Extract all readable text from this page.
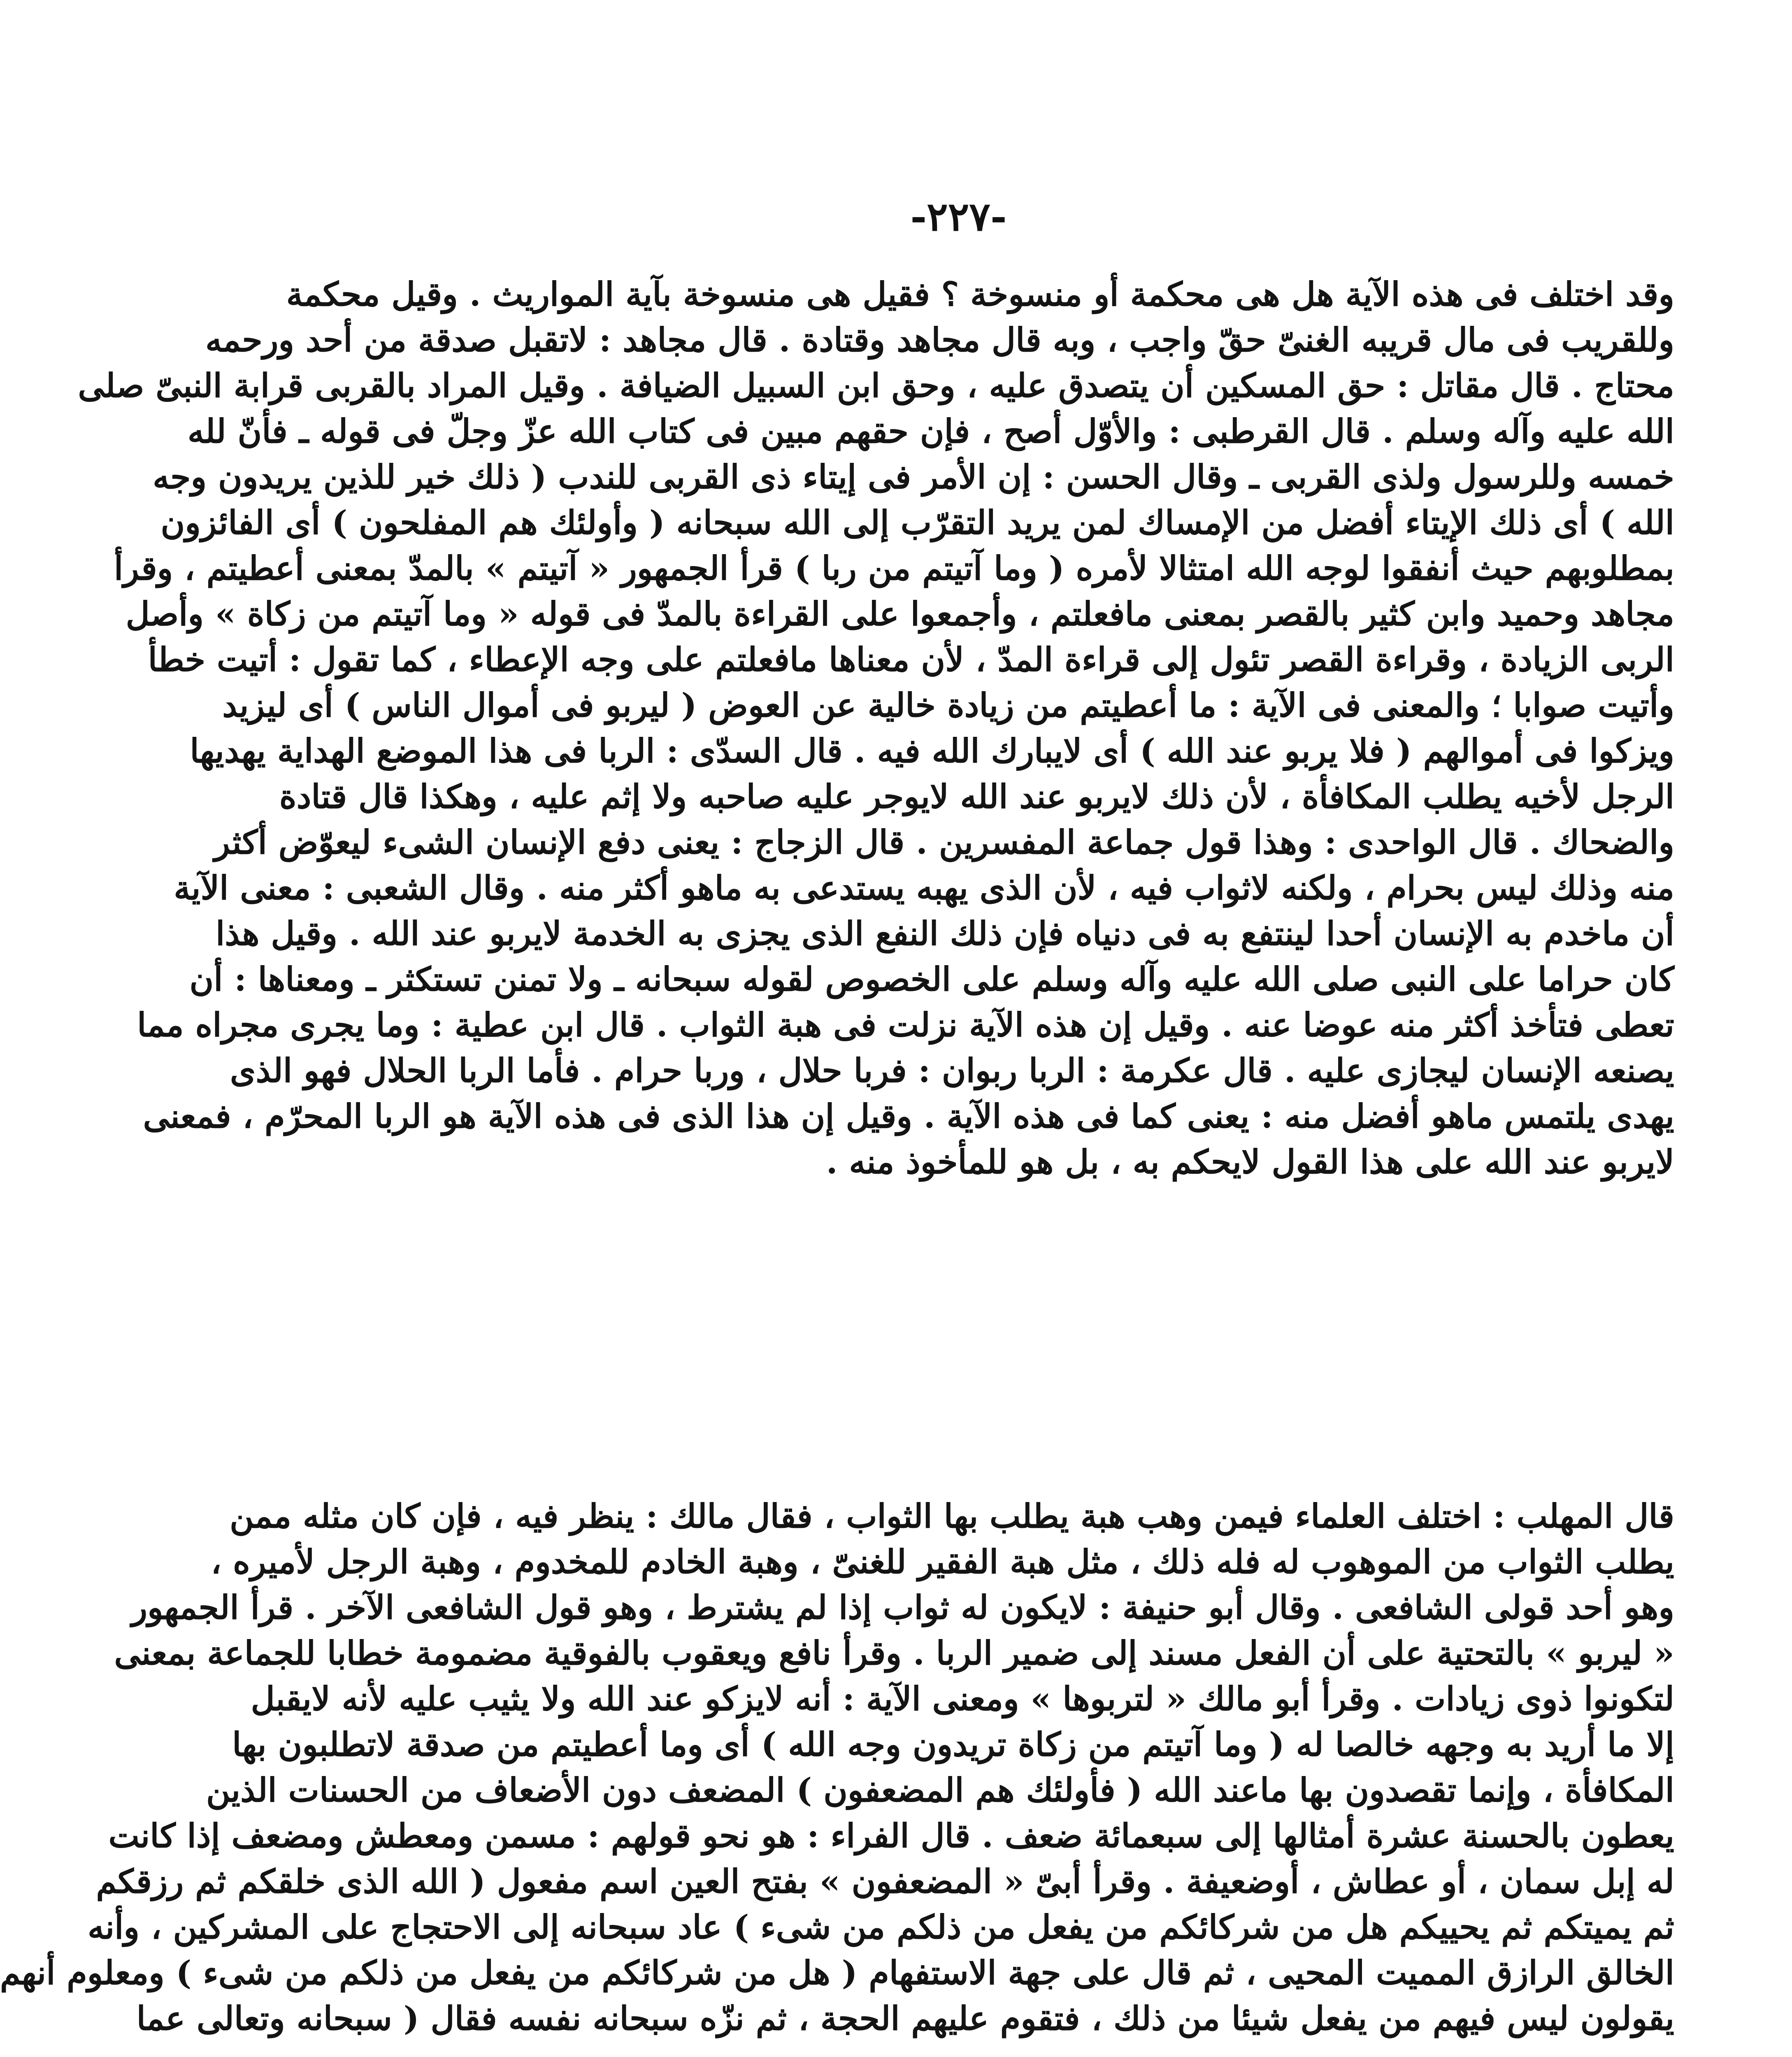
-٢٢٧-
وقد اختلف فى هذه الآية هل هى محكمة أو منسوخة ؟ فقيل هى منسوخة بآية المواريث . وقيل محكمة
وللقريب فى مال قريبه الغنىّ حقّ واجب ، وبه قال مجاهد وقتادة . قال مجاهد : لاتقبل صدقة من أحد ورحمه
محتاج . قال مقاتل : حق المسكين أن يتصدق عليه ، وحق ابن السبيل الضيافة . وقيل المراد بالقربى قرابة النبىّ صلى
الله عليه وآله وسلم . قال القرطبى : والأوّل أصح ، فإن حقهم مبين فى كتاب الله عزّ وجلّ فى قوله ـ فأنّ لله
خمسه وللرسول ولذى القربى ـ وقال الحسن : إن الأمر فى إيتاء ذى القربى للندب ( ذلك خير للذين يريدون وجه
الله ) أى ذلك الإيتاء أفضل من الإمساك لمن يريد التقرّب إلى الله سبحانه ( وأولئك هم المفلحون ) أى الفائزون
بمطلوبهم حيث أنفقوا لوجه الله امتثالا لأمره ( وما آتيتم من ربا ) قرأ الجمهور « آتيتم » بالمدّ بمعنى أعطيتم ، وقرأ
مجاهد وحميد وابن كثير بالقصر بمعنى مافعلتم ، وأجمعوا على القراءة بالمدّ فى قوله « وما آتيتم من زكاة » وأصل
الربى الزيادة ، وقراءة القصر تئول إلى قراءة المدّ ، لأن معناها مافعلتم على وجه الإعطاء ، كما تقول : أتيت خطأ
وأتيت صوابا ؛ والمعنى فى الآية : ما أعطيتم من زيادة خالية عن العوض ( ليربو فى أموال الناس ) أى ليزيد
ويزكوا فى أموالهم ( فلا يربو عند الله ) أى لايبارك الله فيه . قال السدّى : الربا فى هذا الموضع الهداية يهديها
الرجل لأخيه يطلب المكافأة ، لأن ذلك لايربو عند الله لايوجر عليه صاحبه ولا إثم عليه ، وهكذا قال قتادة
والضحاك . قال الواحدى : وهذا قول جماعة المفسرين . قال الزجاج : يعنى دفع الإنسان الشىء ليعوّض أكثر
منه وذلك ليس بحرام ، ولكنه لاثواب فيه ، لأن الذى يهبه يستدعى به ماهو أكثر منه . وقال الشعبى : معنى الآية
أن ماخدم به الإنسان أحدا لينتفع به فى دنياه فإن ذلك النفع الذى يجزى به الخدمة لايربو عند الله . وقيل هذا
كان حراما على النبى صلى الله عليه وآله وسلم على الخصوص لقوله سبحانه ـ ولا تمنن تستكثر ـ ومعناها : أن
تعطى فتأخذ أكثر منه عوضا عنه . وقيل إن هذه الآية نزلت فى هبة الثواب . قال ابن عطية : وما يجرى مجراه مما
يصنعه الإنسان ليجازى عليه . قال عكرمة : الربا ربوان : فربا حلال ، وربا حرام . فأما الربا الحلال فهو الذى
يهدى يلتمس ماهو أفضل منه : يعنى كما فى هذه الآية . وقيل إن هذا الذى فى هذه الآية هو الربا المحرّم ، فمعنى
لايربو عند الله على هذا القول لايحكم به ، بل هو للمأخوذ منه .
قال المهلب : اختلف العلماء فيمن وهب هبة يطلب بها الثواب ، فقال مالك : ينظر فيه ، فإن كان مثله ممن
يطلب الثواب من الموهوب له فله ذلك ، مثل هبة الفقير للغنىّ ، وهبة الخادم للمخدوم ، وهبة الرجل لأميره ،
وهو أحد قولى الشافعى . وقال أبو حنيفة : لايكون له ثواب إذا لم يشترط ، وهو قول الشافعى الآخر . قرأ الجمهور
« ليربو » بالتحتية على أن الفعل مسند إلى ضمير الربا . وقرأ نافع ويعقوب بالفوقية مضمومة خطابا للجماعة بمعنى
لتكونوا ذوى زيادات . وقرأ أبو مالك « لتربوها » ومعنى الآية : أنه لايزكو عند الله ولا يثيب عليه لأنه لايقبل
إلا ما أريد به وجهه خالصا له ( وما آتيتم من زكاة تريدون وجه الله ) أى وما أعطيتم من صدقة لاتطلبون بها
المكافأة ، وإنما تقصدون بها ماعند الله ( فأولئك هم المضعفون ) المضعف دون الأضعاف من الحسنات الذين
يعطون بالحسنة عشرة أمثالها إلى سبعمائة ضعف . قال الفراء : هو نحو قولهم : مسمن ومعطش ومضعف إذا كانت
له إبل سمان ، أو عطاش ، أوضعيفة . وقرأ أبىّ « المضعفون » بفتح العين اسم مفعول ( الله الذى خلقكم ثم رزقكم
ثم يميتكم ثم يحييكم هل من شركائكم من يفعل من ذلكم من شىء ) عاد سبحانه إلى الاحتجاج على المشركين ، وأنه
الخالق الرازق المميت المحيى ، ثم قال على جهة الاستفهام ( هل من شركائكم من يفعل من ذلكم من شىء ) ومعلوم أنهم
يقولون ليس فيهم من يفعل شيئا من ذلك ، فتقوم عليهم الحجة ، ثم نزّه سبحانه نفسه فقال ( سبحانه وتعالى عما
